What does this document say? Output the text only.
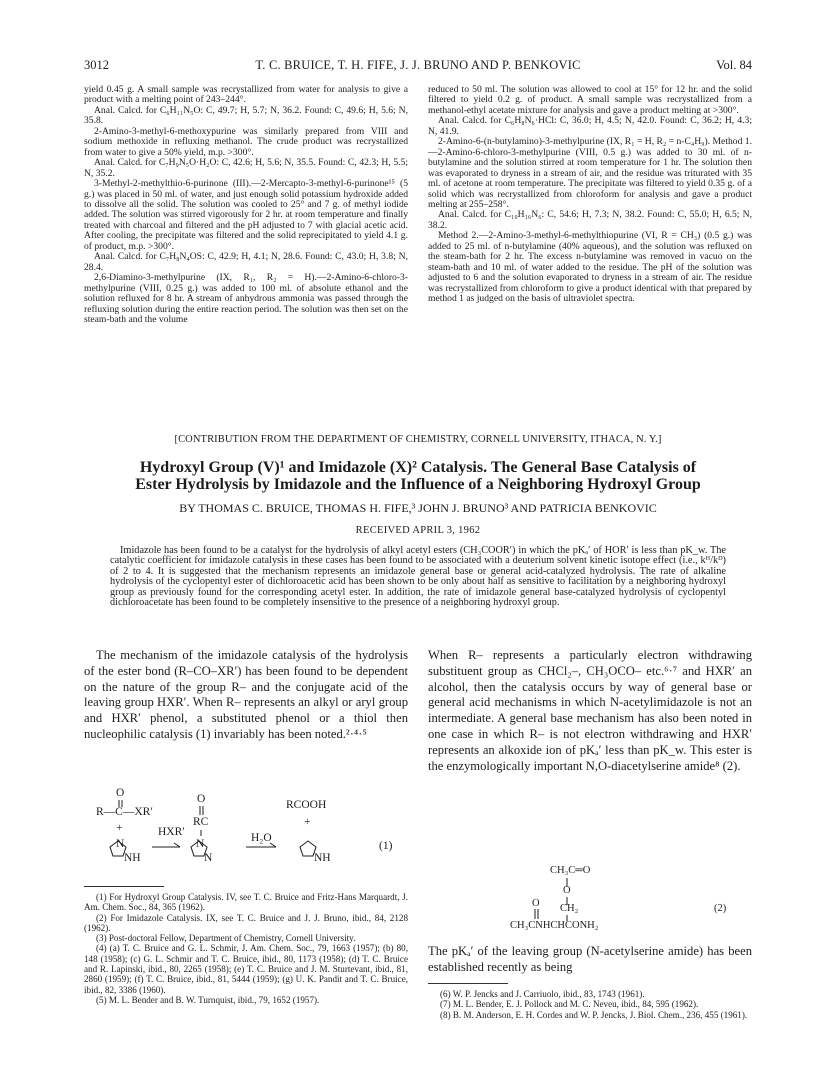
3012	T. C. BRUICE, T. H. FIFE, J. J. BRUNO AND P. BENKOVIC	Vol. 84

yield 0.45 g. A small sample was recrystallized from water for analysis to give a product with a melting point of 243–244°.

Anal. Calcd. for C₆H₁₁N₅O: C, 49.7; H, 5.7; N, 36.2. Found: C, 49.6; H, 5.6; N, 35.8.

2-Amino-3-methyl-6-methoxypurine was similarly prepared from VIII and sodium methoxide in refluxing methanol. The crude product was recrystallized from water to give a 50% yield, m.p. >300°.

Anal. Calcd. for C₇H₉N₅O·H₂O: C, 42.6; H, 5.6; N, 35.5. Found: C, 42.3; H, 5.5; N, 35.2.

3-Methyl-2-methylthio-6-purinone (III).—2-Mercapto-3-methyl-6-purinone¹⁵ (5 g.) was placed in 50 ml. of water, and just enough solid potassium hydroxide added to dissolve all the solid. The solution was cooled to 25° and 7 g. of methyl iodide added. The solution was stirred vigorously for 2 hr. at room temperature and finally treated with charcoal and filtered and the pH adjusted to 7 with glacial acetic acid. After cooling, the precipitate was filtered and the solid reprecipitated to yield 4.1 g. of product, m.p. >300°.

Anal. Calcd. for C₇H₈N₄OS: C, 42.9; H, 4.1; N, 28.6. Found: C, 43.0; H, 3.8; N, 28.4.

2,6-Diamino-3-methylpurine (IX, R₁, R₂ = H).—2-Amino-6-chloro-3-methylpurine (VIII, 0.25 g.) was added to 100 ml. of absolute ethanol and the solution refluxed for 8 hr. A stream of anhydrous ammonia was passed through the refluxing solution during the entire reaction period. The solution was then set on the steam-bath and the volume

reduced to 50 ml. The solution was allowed to cool at 15° for 12 hr. and the solid filtered to yield 0.2 g. of product. A small sample was recrystallized from a methanol-ethyl acetate mixture for analysis and gave a product melting at >300°.

Anal. Calcd. for C₆H₈N₆·HCl: C, 36.0; H, 4.5; N, 42.0. Found: C, 36.2; H, 4.3; N, 41.9.

2-Amino-6-(n-butylamino)-3-methylpurine (IX, R₁ = H, R₂ = n-C₄H₉). Method 1.—2-Amino-6-chloro-3-methylpurine (VIII, 0.5 g.) was added to 30 ml. of n-butylamine and the solution stirred at room temperature for 1 hr. The solution then was evaporated to dryness in a stream of air, and the residue was triturated with 35 ml. of acetone at room temperature. The precipitate was filtered to yield 0.35 g. of a solid which was recrystallized from chloroform for analysis and gave a product melting at 255–258°.

Anal. Calcd. for C₁₀H₁₆N₆: C, 54.6; H, 7.3; N, 38.2. Found: C, 55.0; H, 6.5; N, 38.2.

Method 2.—2-Amino-3-methyl-6-methylthiopurine (VI, R = CH₃) (0.5 g.) was added to 25 ml. of n-butylamine (40% aqueous), and the solution was refluxed on the steam-bath for 2 hr. The excess n-butylamine was removed in vacuo on the steam-bath and 10 ml. of water added to the residue. The pH of the solution was adjusted to 6 and the solution evaporated to dryness in a stream of air. The residue was recrystallized from chloroform to give a product identical with that prepared by method 1 as judged on the basis of ultraviolet spectra.

[CONTRIBUTION FROM THE DEPARTMENT OF CHEMISTRY, CORNELL UNIVERSITY, ITHACA, N. Y.]
Hydroxyl Group (V)¹ and Imidazole (X)² Catalysis. The General Base Catalysis of
Ester Hydrolysis by Imidazole and the Influence of a Neighboring Hydroxyl Group
BY THOMAS C. BRUICE, THOMAS H. FIFE,³ JOHN J. BRUNO³ AND PATRICIA BENKOVIC
RECEIVED APRIL 3, 1962

Imidazole has been found to be a catalyst for the hydrolysis of alkyl acetyl esters (CH₃COOR′) in which the pKₐ′ of HOR′ is less than pK_w. The catalytic coefficient for imidazole catalysis in these cases has been found to be associated with a deuterium solvent kinetic isotope effect (i.e., kᴴ/kᴰ) of 2 to 4. It is suggested that the mechanism represents an imidazole general base or general acid-catalyzed hydrolysis. The rate of alkaline hydrolysis of the cyclopentyl ester of dichloroacetic acid has been shown to be only about half as sensitive to facilitation by a neighboring hydroxyl group as previously found for the corresponding acetyl ester. In addition, the rate of imidazole general base-catalyzed hydrolysis of cyclopentyl dichloroacetate has been found to be completely insensitive to the presence of a neighboring hydroxyl group.

The mechanism of the imidazole catalysis of the hydrolysis of the ester bond (R–CO–XR′) has been found to be dependent on the nature of the group R– and the conjugate acid of the leaving group HXR′. When R– represents an alkyl or aryl group and HXR′ phenol, a substituted phenol or a thiol then nucleophilic catalysis (1) invariably has been noted.²·⁴·⁵

O
R—C—XR′
+	HXR′
O
RC
N
NH
N
N
RCOOH
+
H₂O
NH
(1)

(1) For Hydroxyl Group Catalysis. IV, see T. C. Bruice and Fritz-Hans Marquardt, J. Am. Chem. Soc., 84, 365 (1962).

(2) For Imidazole Catalysis. IX, see T. C. Bruice and J. J. Bruno, ibid., 84, 2128 (1962).

(3) Post-doctoral Fellow, Department of Chemistry, Cornell University.

(4) (a) T. C. Bruice and G. L. Schmir, J. Am. Chem. Soc., 79, 1663 (1957); (b) 80, 148 (1958); (c) G. L. Schmir and T. C. Bruice, ibid., 80, 1173 (1958); (d) T. C. Bruice and R. Lapinski, ibid., 80, 2265 (1958); (e) T. C. Bruice and J. M. Sturtevant, ibid., 81, 2860 (1959); (f) T. C. Bruice, ibid., 81, 5444 (1959); (g) U. K. Pandit and T. C. Bruice, ibid., 82, 3386 (1960).

(5) M. L. Bender and B. W. Turnquist, ibid., 79, 1652 (1957).

When R– represents a particularly electron withdrawing substituent group as CHCl₂–, CH₃OCO– etc.⁶·⁷ and HXR′ an alcohol, then the catalysis occurs by way of general base or general acid mechanisms in which N-acetylimidazole is not an intermediate. A general base mechanism has also been noted in one case in which R– is not electron withdrawing and HXR′ represents an alkoxide ion of pKₐ′ less than pK_w. This ester is the enzymologically important N,O-diacetylserine amide⁸ (2).

CH₃C═O
O
O CH₂
CH₃CNHCHCONH₂
(2)

The pKₐ′ of the leaving group (N-acetylserine amide) has been established recently as being

(6) W. P. Jencks and J. Carriuolo, ibid., 83, 1743 (1961).

(7) M. L. Bender, E. J. Pollock and M. C. Neveu, ibid., 84, 595 (1962).

(8) B. M. Anderson, E. H. Cordes and W. P. Jencks, J. Biol. Chem., 236, 455 (1961).
